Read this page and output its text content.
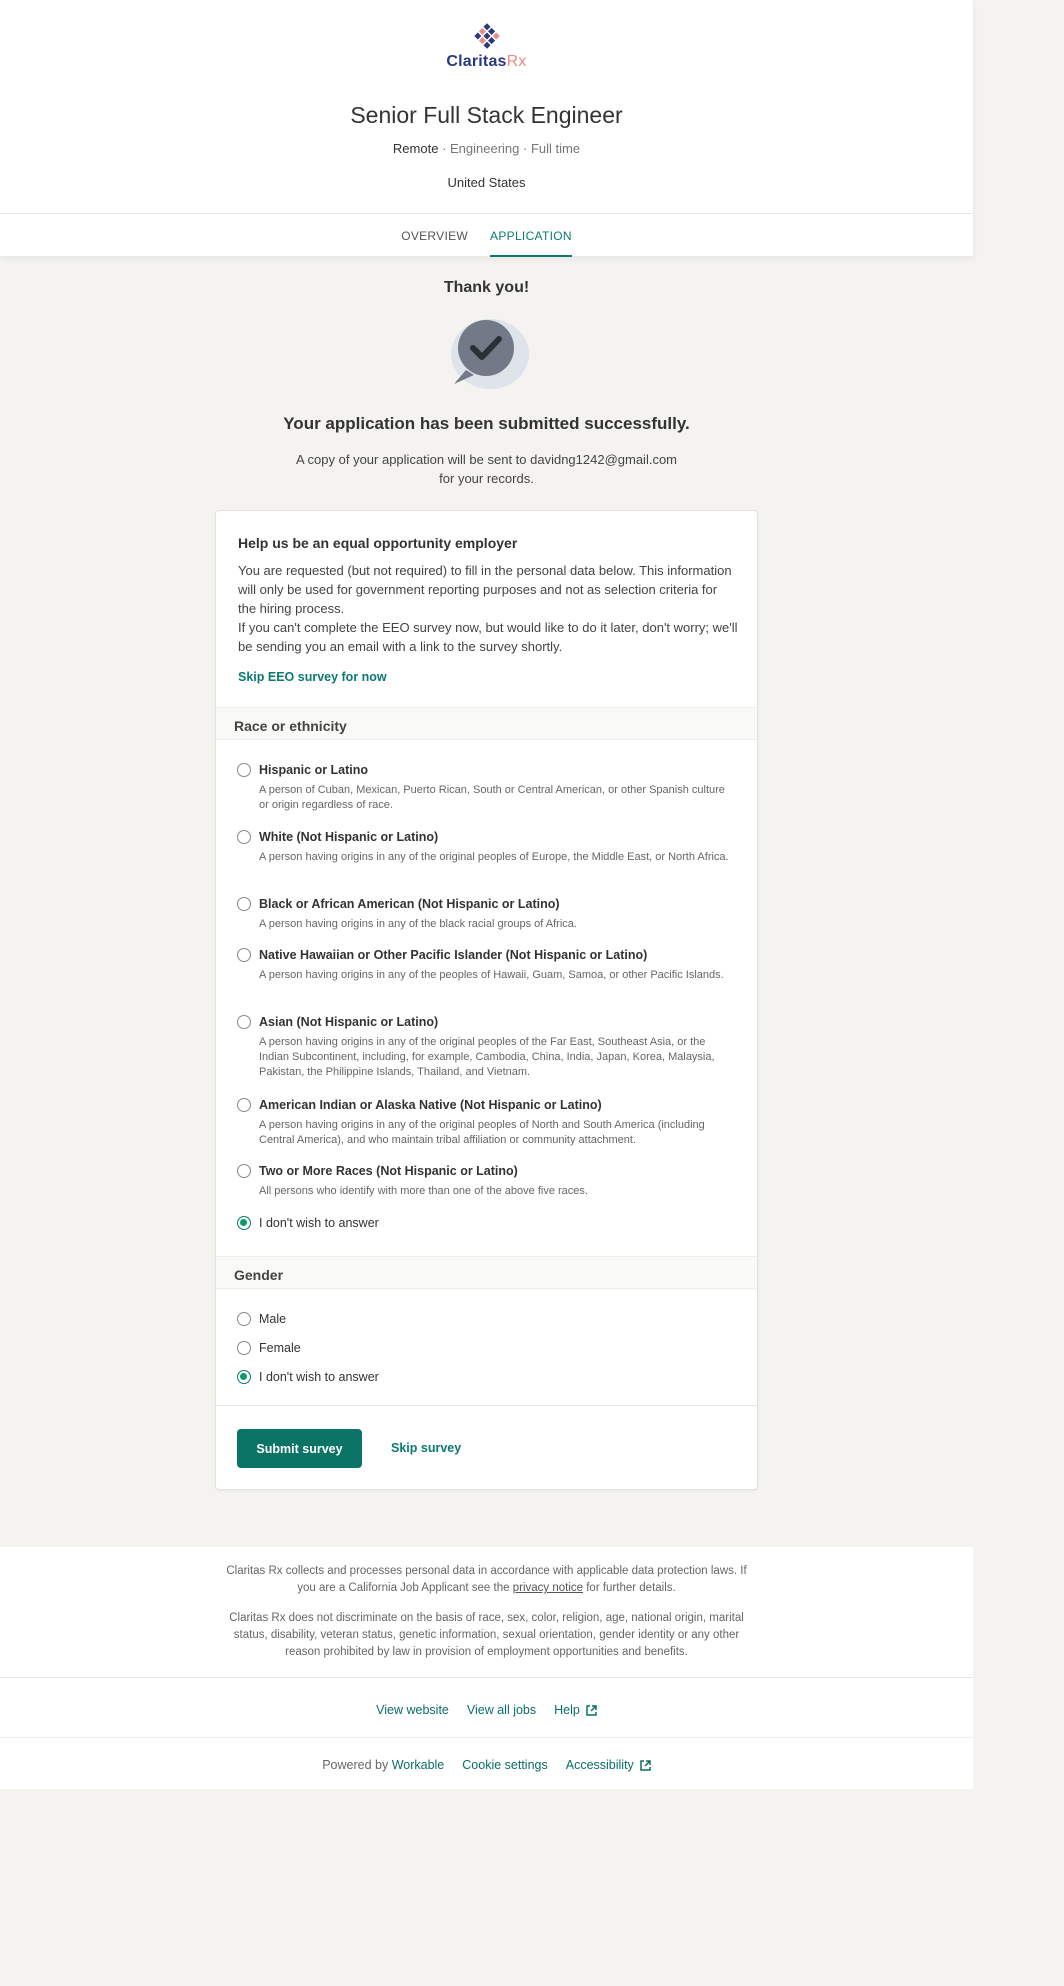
ClaritasRx
Senior Full Stack Engineer
Remote · Engineering · Full time
United States
OVERVIEW APPLICATION
Thank you!
Your application has been submitted successfully.
A copy of your application will be sent to davidng1242@gmail.com
for your records.
Help us be an equal opportunity employer
You are requested (but not required) to fill in the personal data below. This information will only be used for government reporting purposes and not as selection criteria for the hiring process.
If you can't complete the EEO survey now, but would like to do it later, don't worry; we'll be sending you an email with a link to the survey shortly.
Skip EEO survey for now
Race or ethnicity
Hispanic or Latino
A person of Cuban, Mexican, Puerto Rican, South or Central American, or other Spanish culture or origin regardless of race.
White (Not Hispanic or Latino)
A person having origins in any of the original peoples of Europe, the Middle East, or North Africa.
Black or African American (Not Hispanic or Latino)
A person having origins in any of the black racial groups of Africa.
Native Hawaiian or Other Pacific Islander (Not Hispanic or Latino)
A person having origins in any of the peoples of Hawaii, Guam, Samoa, or other Pacific Islands.
Asian (Not Hispanic or Latino)
A person having origins in any of the original peoples of the Far East, Southeast Asia, or the Indian Subcontinent, including, for example, Cambodia, China, India, Japan, Korea, Malaysia, Pakistan, the Philippine Islands, Thailand, and Vietnam.
American Indian or Alaska Native (Not Hispanic or Latino)
A person having origins in any of the original peoples of North and South America (including Central America), and who maintain tribal affiliation or community attachment.
Two or More Races (Not Hispanic or Latino)
All persons who identify with more than one of the above five races.
I don't wish to answer
Gender
Male
Female
I don't wish to answer
Submit survey	Skip survey
Claritas Rx collects and processes personal data in accordance with applicable data protection laws. If you are a California Job Applicant see the privacy notice for further details.
Claritas Rx does not discriminate on the basis of race, sex, color, religion, age, national origin, marital status, disability, veteran status, genetic information, sexual orientation, gender identity or any other reason prohibited by law in provision of employment opportunities and benefits.
View website View all jobs Help
Powered by Workable Cookie settings Accessibility
